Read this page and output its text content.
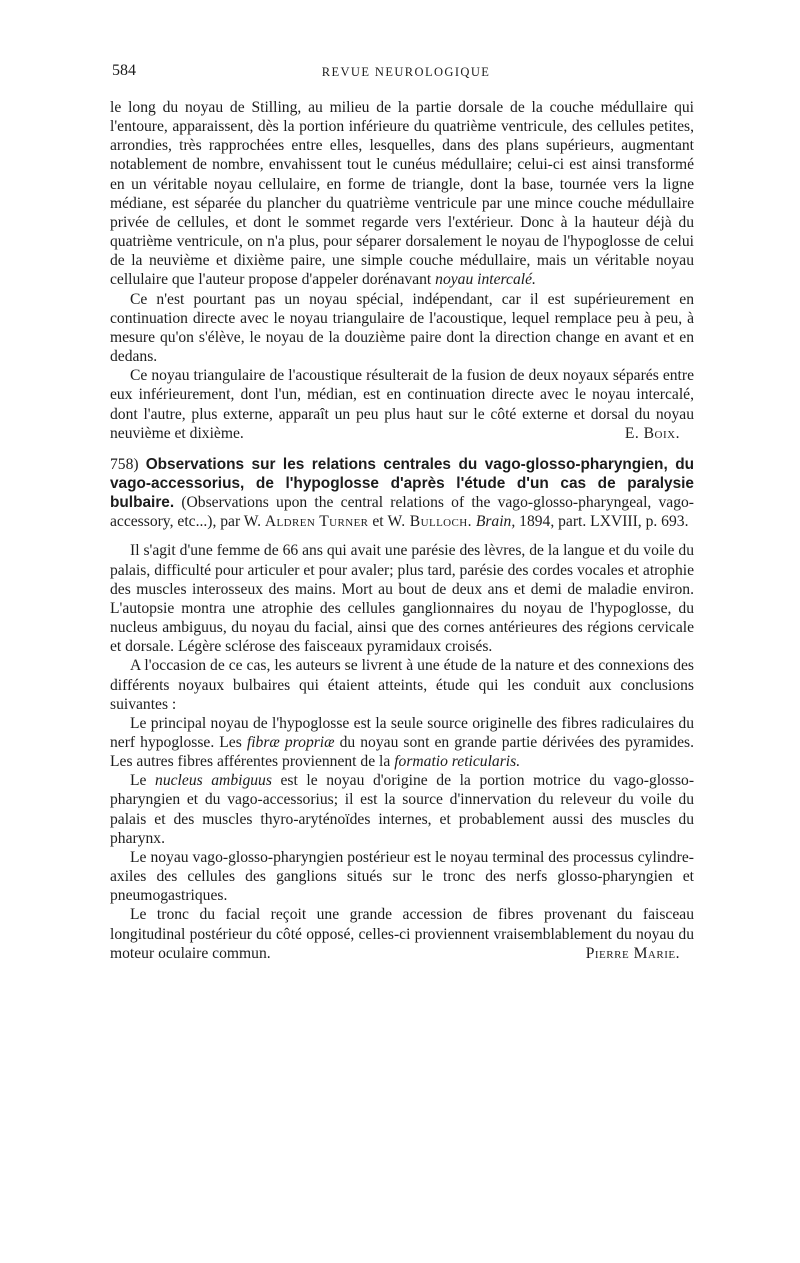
584	REVUE NEUROLOGIQUE

le long du noyau de Stilling, au milieu de la partie dorsale de la couche médullaire qui l'entoure, apparaissent, dès la portion inférieure du quatrième ventricule, des cellules petites, arrondies, très rapprochées entre elles, lesquelles, dans des plans supérieurs, augmentant notablement de nombre, envahissent tout le cunéus médullaire; celui-ci est ainsi transformé en un véritable noyau cellulaire, en forme de triangle, dont la base, tournée vers la ligne médiane, est séparée du plancher du quatrième ventricule par une mince couche médullaire privée de cellules, et dont le sommet regarde vers l'extérieur. Donc à la hauteur déjà du quatrième ventricule, on n'a plus, pour séparer dorsalement le noyau de l'hypoglosse de celui de la neuvième et dixième paire, une simple couche médullaire, mais un véritable noyau cellulaire que l'auteur propose d'appeler dorénavant noyau intercalé.

Ce n'est pourtant pas un noyau spécial, indépendant, car il est supérieurement en continuation directe avec le noyau triangulaire de l'acoustique, lequel remplace peu à peu, à mesure qu'on s'élève, le noyau de la douzième paire dont la direction change en avant et en dedans.

Ce noyau triangulaire de l'acoustique résulterait de la fusion de deux noyaux séparés entre eux inférieurement, dont l'un, médian, est en continuation directe avec le noyau intercalé, dont l'autre, plus externe, apparaît un peu plus haut sur le côté externe et dorsal du noyau neuvième et dixième.	E. Boix.

758) Observations sur les relations centrales du vago-glosso-pharyngien, du vago-accessorius, de l'hypoglosse d'après l'étude d'un cas de paralysie bulbaire. (Observations upon the central relations of the vago-glosso-pharyngeal, vago-accessory, etc...), par W. Aldren Turner et W. Bulloch. Brain, 1894, part. LXVIII, p. 693.

Il s'agit d'une femme de 66 ans qui avait une parésie des lèvres, de la langue et du voile du palais, difficulté pour articuler et pour avaler; plus tard, parésie des cordes vocales et atrophie des muscles interosseux des mains. Mort au bout de deux ans et demi de maladie environ. L'autopsie montra une atrophie des cellules ganglionnaires du noyau de l'hypoglosse, du nucleus ambiguus, du noyau du facial, ainsi que des cornes antérieures des régions cervicale et dorsale. Légère sclérose des faisceaux pyramidaux croisés.

A l'occasion de ce cas, les auteurs se livrent à une étude de la nature et des connexions des différents noyaux bulbaires qui étaient atteints, étude qui les conduit aux conclusions suivantes :

Le principal noyau de l'hypoglosse est la seule source originelle des fibres radiculaires du nerf hypoglosse. Les fibræ propriæ du noyau sont en grande partie dérivées des pyramides. Les autres fibres afférentes proviennent de la formatio reticularis.

Le nucleus ambiguus est le noyau d'origine de la portion motrice du vago-glosso-pharyngien et du vago-accessorius; il est la source d'innervation du releveur du voile du palais et des muscles thyro-aryténoïdes internes, et probablement aussi des muscles du pharynx.

Le noyau vago-glosso-pharyngien postérieur est le noyau terminal des processus cylindre-axiles des cellules des ganglions situés sur le tronc des nerfs glosso-pharyngien et pneumogastriques.

Le tronc du facial reçoit une grande accession de fibres provenant du faisceau longitudinal postérieur du côté opposé, celles-ci proviennent vraisemblablement du noyau du moteur oculaire commun.	Pierre Marie.
